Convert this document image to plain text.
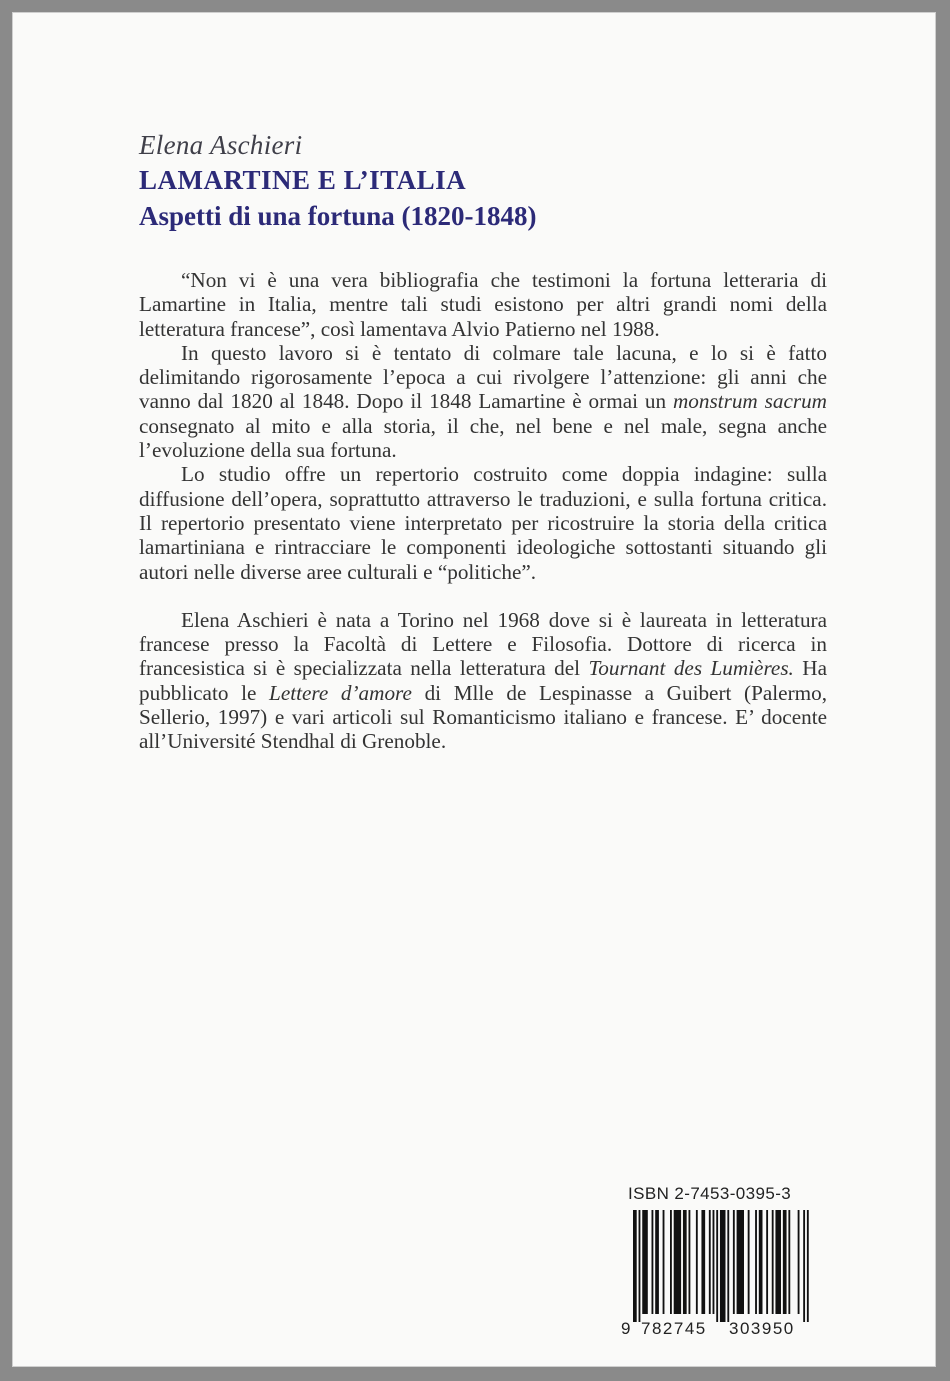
Elena Aschieri
LAMARTINE E L’ITALIA
Aspetti di una fortuna (1820-1848)

“Non vi è una vera bibliografia che testimoni la fortuna letteraria di Lamartine in Italia, mentre tali studi esistono per altri grandi nomi della letteratura francese”, così lamentava Alvio Patierno nel 1988.

In questo lavoro si è tentato di colmare tale lacuna, e lo si è fatto delimitando rigorosamente l’epoca a cui rivolgere l’attenzione: gli anni che vanno dal 1820 al 1848. Dopo il 1848 Lamartine è ormai un monstrum sacrum consegnato al mito e alla storia, il che, nel bene e nel male, segna anche l’evoluzione della sua fortuna.

Lo studio offre un repertorio costruito come doppia indagine: sulla diffusione dell’opera, soprattutto attraverso le traduzioni, e sulla fortuna critica. Il repertorio presentato viene interpretato per ricostruire la storia della critica lamartiniana e rintracciare le componenti ideologiche sottostanti situando gli autori nelle diverse aree culturali e “politiche”.

Elena Aschieri è nata a Torino nel 1968 dove si è laureata in letteratura francese presso la Facoltà di Lettere e Filosofia. Dottore di ricerca in francesistica si è specializzata nella letteratura del Tournant des Lumières. Ha pubblicato le Lettere d’amore di Mlle de Lespinasse a Guibert (Palermo, Sellerio, 1997) e vari articoli sul Romanticismo italiano e francese. E’ docente all’Université Stendhal di Grenoble.

ISBN 2-7453-0395-3
9 782745 303950
